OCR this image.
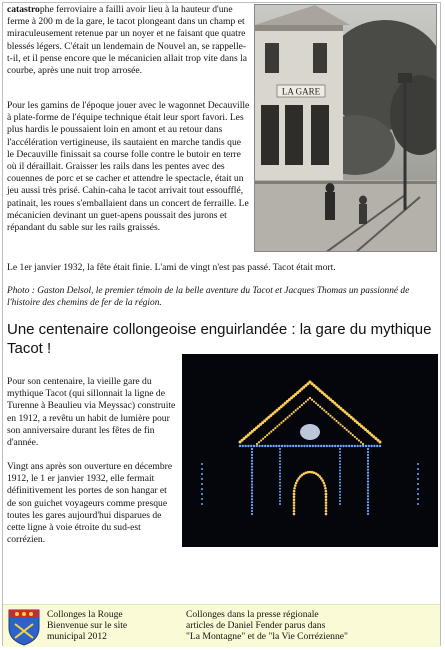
catastrophe ferroviaire a failli avoir lieu à la hauteur d'une ferme à 200 m de la gare, le tacot plongeant dans un champ et miraculeusement retenue par un noyer et ne faisant que quatre blessés légers. C'était un lendemain de Nouvel an, se rappelle-t-il, et il pense encore que le mécanicien allait trop vite dans la courbe, après une nuit trop arrosée.

Pour les gamins de l'époque jouer avec le wagonnet Decauville à plate-forme de l'équipe technique était leur sport favori. Les plus hardis le poussaient loin en amont et au retour dans l'accélération vertigineuse, ils sautaient en marche tandis que le Decauville finissait sa course folle contre le butoir en terre où il déraillait. Graisser les rails dans les pentes avec des couennes de porc et se cacher et attendre le spectacle, était un jeu aussi très prisé. Cahin-caha le tacot arrivait tout essoufflé, patinait, les roues s'emballaient dans un concert de ferraille. Le mécanicien devinant un guet-apens poussait des jurons et répandant du sable sur les rails graissés.

LA GARE

Le 1er janvier 1932, la fête était finie. L'ami de vingt n'est pas passé. Tacot était mort.

Photo : Gaston Delsol, le premier témoin de la belle aventure du Tacot et Jacques Thomas un passionné de l'histoire des chemins de fer de la région.

Une centenaire collongeoise enguirlandée : la gare du mythique Tacot !

Pour son centenaire, la vieille gare du mythique Tacot (qui sillonnait la ligne de Turenne à Beaulieu via Meyssac) construite en 1912, a revêtu un habit de lumière pour son anniversaire durant les fêtes de fin d'année.

Vingt ans après son ouverture en décembre 1912, le 1 er janvier 1932, elle fermait définitivement les portes de son hangar et de son guichet voyageurs comme presque toutes les gares aujourd'hui disparues de cette ligne à voie étroite du sud-est corrézien.

Collonges la Rouge
Bienvenue sur le site
municipal 2012
Collonges dans la presse régionale
articles de Daniel Fender parus dans
"La Montagne" et de "la Vie Corrézienne"
